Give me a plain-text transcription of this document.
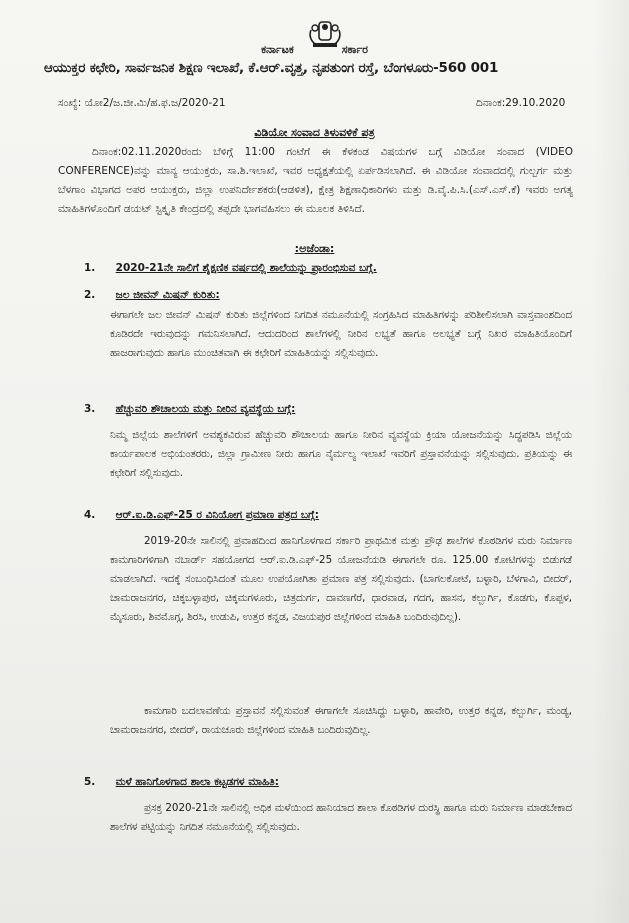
ಕರ್ನಾಟಕ	ಸರ್ಕಾರ
ಆಯುಕ್ತರ ಕಛೇರಿ, ಸಾರ್ವಜನಿಕ ಶಿಕ್ಷಣ ಇಲಾಖೆ, ಕೆ.ಆರ್.ವೃತ್ತ, ನೃಪತುಂಗ ರಸ್ತೆ, ಬೆಂಗಳೂರು-560 001
ಸಂಖ್ಯೆ: ಯೋ2/ಜ.ಜೀ.ಮಿ/ಹ.ಫ.ಜ/2020-21	ದಿನಾಂಕ:29.10.2020
ವಿಡಿಯೋ ಸಂವಾದ ತಿಳುವಳಿಕೆ ಪತ್ರ
ದಿನಾಂಕ:02.11.2020ರಂದು ಬೆಳಿಗ್ಗೆ 11:00 ಗಂಟೆಗೆ ಈ ಕೆಳಕಂಡ ವಿಷಯಗಳ ಬಗ್ಗೆ ವಿಡಿಯೋ ಸಂವಾದ (VIDEO CONFERENCE)ವನ್ನು ಮಾನ್ಯ ಆಯುಕ್ತರು, ಸಾ.ಶಿ.ಇಲಾಖೆ, ಇವರ ಅಧ್ಯಕ್ಷತೆಯಲ್ಲಿ ಏರ್ಪಡಿಸಲಾಗಿದೆ. ಈ ವಿಡಿಯೋ ಸಂವಾದದಲ್ಲಿ ಗುಲ್ಬರ್ಗ ಮತ್ತು ಬೆಳಗಾಂ ವಿಭಾಗದ ಅಪರ ಆಯುಕ್ತರು, ಜಿಲ್ಲಾ ಉಪನಿರ್ದೇಶಕರು(ಆಡಳಿತ), ಕ್ಷೇತ್ರ ಶಿಕ್ಷಣಾಧಿಕಾರಿಗಳು ಮತ್ತು ಡಿ.ವೈ.ಪಿ.ಸಿ.(ಎಸ್.ಎಸ್.ಕೆ) ಇವರು ಅಗತ್ಯ ಮಾಹಿತಿಗಳೊಂದಿಗೆ ಡಯಟ್ ಸ್ಟಿಕ್ಕೃತಿ ಕೇಂದ್ರದಲ್ಲಿ ತಪ್ಪದೇ ಭಾಗವಹಿಸಲು ಈ ಮೂಲಕ ತಿಳಿಸಿದೆ.
:ಅಜೆಂಡಾ:
1. 2020-21ನೇ ಸಾಲಿಗೆ ಶೈಕ್ಷಣಿಕ ವರ್ಷದಲ್ಲಿ ಶಾಲೆಯನ್ನು ಪ್ರಾರಂಭಿಸುವ ಬಗ್ಗೆ.
2. ಜಲ ಜೀವನ್ ಮಿಷನ್ ಕುರಿತು:
ಈಗಾಗಲೇ ಜಲ ಜೀವನ್ ಮಿಷನ್ ಕುರಿತು ಜಿಲ್ಲೆಗಳಿಂದ ನಿಗದಿತ ನಮೂನೆಯಲ್ಲಿ ಸಂಗ್ರಹಿಸಿದ ಮಾಹಿತಿಗಳನ್ನು ಪರಿಶೀಲಿಸಲಾಗಿ ವಾಸ್ತವಾಂಶದಿಂದ ಕೂಡಿರದೇ ಇರುವುದನ್ನು ಗಮನಿಸಲಾಗಿದೆ. ಆದುದರಿಂದ ಶಾಲೆಗಳಲ್ಲಿ ನೀರಿನ ಲಭ್ಯತೆ ಹಾಗೂ ಅಲಭ್ಯತೆ ಬಗ್ಗೆ ನಿಖರ ಮಾಹಿತಿಯೊಂದಿಗೆ ಹಾಜರಾಗುವುದು ಹಾಗೂ ಮುಂಚಿತವಾಗಿ ಈ ಕಛೇರಿಗೆ ಮಾಹಿತಿಯನ್ನು ಸಲ್ಲಿಸುವುದು.
3. ಹೆಚ್ಚುವರಿ ಶೌಚಾಲಯ ಮತ್ತು ನೀರಿನ ವ್ಯವಸ್ಥೆಯ ಬಗ್ಗೆ:
ನಿಮ್ಮ ಜಿಲ್ಲೆಯ ಶಾಲೆಗಳಿಗೆ ಅವಶ್ಯಕವಿರುವ ಹೆಚ್ಚುವರಿ ಶೌಚಾಲಯ ಹಾಗೂ ನೀರಿನ ವ್ಯವಸ್ಥೆಯ ಕ್ರಿಯಾ ಯೋಜನೆಯನ್ನು ಸಿದ್ಧಪಡಿಸಿ ಜಿಲ್ಲೆಯ ಕಾರ್ಯಪಾಲಕ ಅಭಿಯಂತರರು, ಜಿಲ್ಲಾ ಗ್ರಾಮೀಣ ನೀರು ಹಾಗೂ ನೈರ್ಮಲ್ಯ ಇಲಾಖೆ ಇವರಿಗೆ ಪ್ರಸ್ತಾವನೆಯನ್ನು ಸಲ್ಲಿಸುವುದು. ಪ್ರತಿಯನ್ನು ಈ ಕಛೇರಿಗೆ ಸಲ್ಲಿಸುವುದು.
4. ಆರ್.ಐ.ಡಿ.ಎಫ್-25 ರ ವಿನಿಯೋಗ ಪ್ರಮಾಣ ಪತ್ರದ ಬಗ್ಗೆ:
2019-20ನೇ ಸಾಲಿನಲ್ಲಿ ಪ್ರವಾಹದಿಂದ ಹಾನಿಗೊಳಗಾದ ಸರ್ಕಾರಿ ಪ್ರಾಥಮಿಕ ಮತ್ತು ಪ್ರೌಢ ಶಾಲೆಗಳ ಕೊಠಡಿಗಳ ಮರು ನಿರ್ಮಾಣ ಕಾಮಗಾರಿಗಳಿಗಾಗಿ ನಬಾರ್ಡ್ ಸಹಯೋಗದ ಆರ್.ಐ.ಡಿ.ಎಫ್-25 ಯೋಜನೆಯಡಿ ಈಗಾಗಲೇ ರೂ. 125.00 ಕೋಟಿಗಳನ್ನು ಬಿಡುಗಡೆ ಮಾಡಲಾಗಿದೆ. ಇದಕ್ಕೆ ಸಂಬಂಧಿಸಿದಂತೆ ಮೂಲ ಉಪಯೋಗಿತಾ ಪ್ರಮಾಣ ಪತ್ರ ಸಲ್ಲಿಸುವುದು. (ಬಾಗಲಕೋಟೆ, ಬಳ್ಳಾರಿ, ಬೆಳಗಾವಿ, ಬೀದರ್, ಚಾಮರಾಜನಗರ, ಚಿಕ್ಕಬಳ್ಳಾಪುರ, ಚಿಕ್ಕಮಗಳೂರು, ಚಿತ್ರದುರ್ಗ, ದಾವಣಗೆರೆ, ಧಾರವಾಡ, ಗದಗ, ಹಾಸನ, ಕಲ್ಬುರ್ಗಿ, ಕೊಡಗು, ಕೊಪ್ಪಳ, ಮೈಸೂರು, ಶಿವಮೊಗ್ಗ, ಶಿರಸಿ, ಉಡುಪಿ, ಉತ್ತರ ಕನ್ನಡ, ವಿಜಯಪುರ ಜಿಲ್ಲೆಗಳಿಂದ ಮಾಹಿತಿ ಬಂದಿರುವುದಿಲ್ಲ).
ಕಾಮಗಾರಿ ಬದಲಾವಣೆಯ ಪ್ರಸ್ತಾವನೆ ಸಲ್ಲಿಸುವಂತೆ ಈಗಾಗಲೇ ಸೂಚಿಸಿದ್ದು ಬಳ್ಳಾರಿ, ಹಾವೇರಿ, ಉತ್ತರ ಕನ್ನಡ, ಕಲ್ಬುರ್ಗಿ, ಮಂಡ್ಯ, ಚಾಮರಾಜನಗರ, ಬೀದರ್, ರಾಯಚೂರು ಜಿಲ್ಲೆಗಳಿಂದ ಮಾಹಿತಿ ಬಂದಿರುವುದಿಲ್ಲ.
5. ಮಳೆ ಹಾನಿಗೊಳಗಾದ ಶಾಲಾ ಕಟ್ಟಡಗಳ ಮಾಹಿತಿ:
ಪ್ರಸಕ್ತ 2020-21ನೇ ಸಾಲಿನಲ್ಲಿ ಅಧಿಕ ಮಳೆಯಿಂದ ಹಾನಿಯಾದ ಶಾಲಾ ಕೊಠಡಿಗಳ ದುರಸ್ಥಿ ಹಾಗೂ ಮರು ನಿರ್ಮಾಣ ಮಾಡಬೇಕಾದ ಶಾಲೆಗಳ ಪಟ್ಟಿಯನ್ನು ನಿಗದಿತ ನಮೂನೆಯಲ್ಲಿ ಸಲ್ಲಿಸುವುದು.
